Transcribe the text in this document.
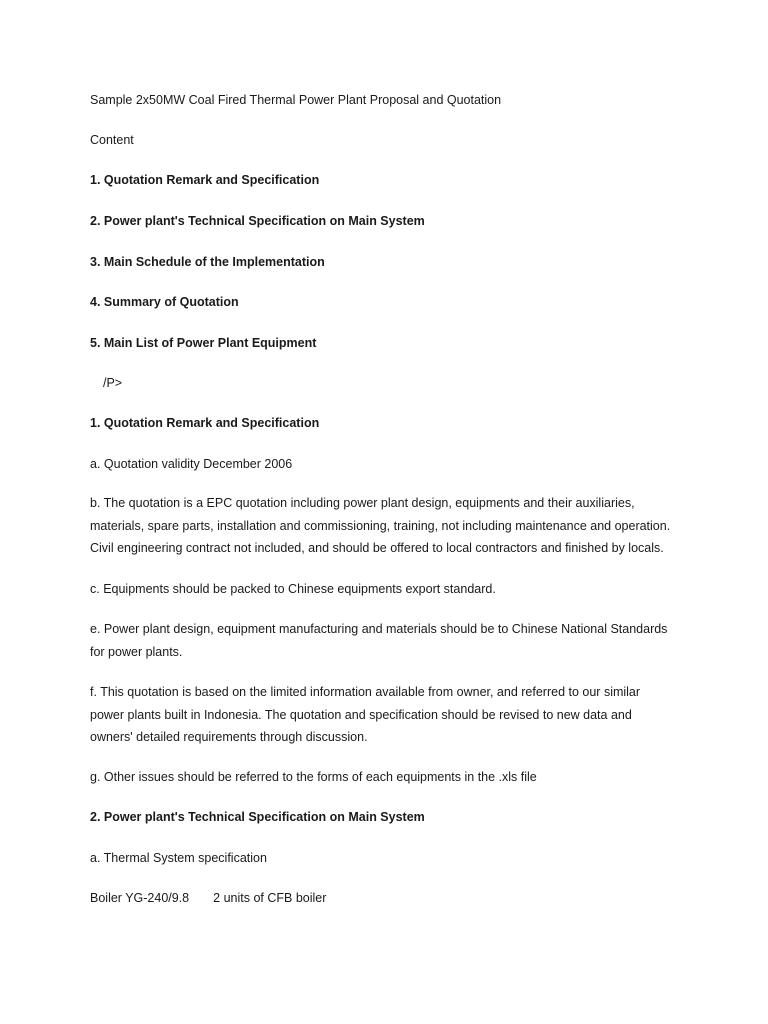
Sample 2x50MW Coal Fired Thermal Power Plant Proposal and Quotation
Content
1. Quotation Remark and Specification
2. Power plant's Technical Specification on Main System
3. Main Schedule of the Implementation
4. Summary of Quotation
5. Main List of Power Plant Equipment
/P>
1. Quotation Remark and Specification
a. Quotation validity December 2006
b. The quotation is a EPC quotation including power plant design, equipments and their auxiliaries,
materials, spare parts, installation and commissioning, training, not including maintenance and operation.
Civil engineering contract not included, and should be offered to local contractors and finished by locals.
c. Equipments should be packed to Chinese equipments export standard.
e. Power plant design, equipment manufacturing and materials should be to Chinese National Standards
for power plants.
f. This quotation is based on the limited information available from owner, and referred to our similar
power plants built in Indonesia. The quotation and specification should be revised to new data and
owners' detailed requirements through discussion.
g. Other issues should be referred to the forms of each equipments in the .xls file
2. Power plant's Technical Specification on Main System
a. Thermal System specification
Boiler YG-240/9.8 2 units of CFB boiler
